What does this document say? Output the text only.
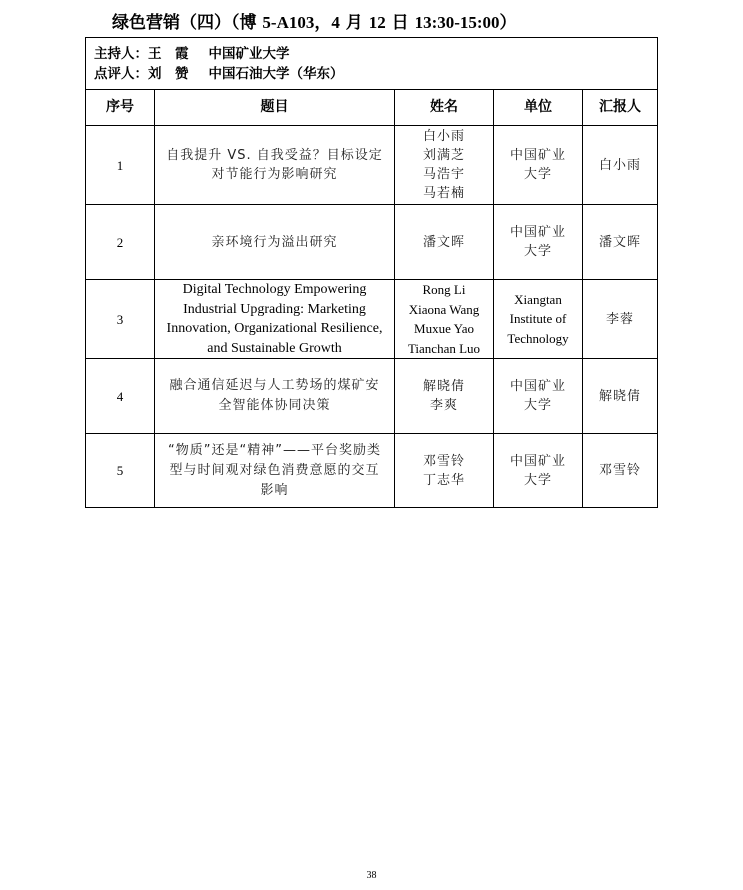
绿色营销（四）（博 5-A103，4 月 12 日 13:30-15:00）
主持人：王　霞 中国矿业大学
点评人：刘　赞 中国石油大学（华东）				

序号	题目	姓名	单位	汇报人
1	自我提升 VS. 自我受益？目标设定对节能行为影响研究	白小雨
刘满芝
马浩宇
马若楠	中国矿业大学	白小雨
2	亲环境行为溢出研究	潘文晖	中国矿业大学	潘文晖
3	Digital Technology Empowering Industrial Upgrading: Marketing Innovation, Organizational Resilience, and Sustainable Growth	Rong Li
Xiaona Wang
Muxue Yao
Tianchan Luo	Xiangtan Institute of Technology	李蓉
4	融合通信延迟与人工势场的煤矿安全智能体协同决策	解晓倩
李爽	中国矿业大学	解晓倩
5	“物质”还是“精神”——平台奖励类型与时间观对绿色消费意愿的交互影响	邓雪铃
丁志华	中国矿业大学	邓雪铃
38
